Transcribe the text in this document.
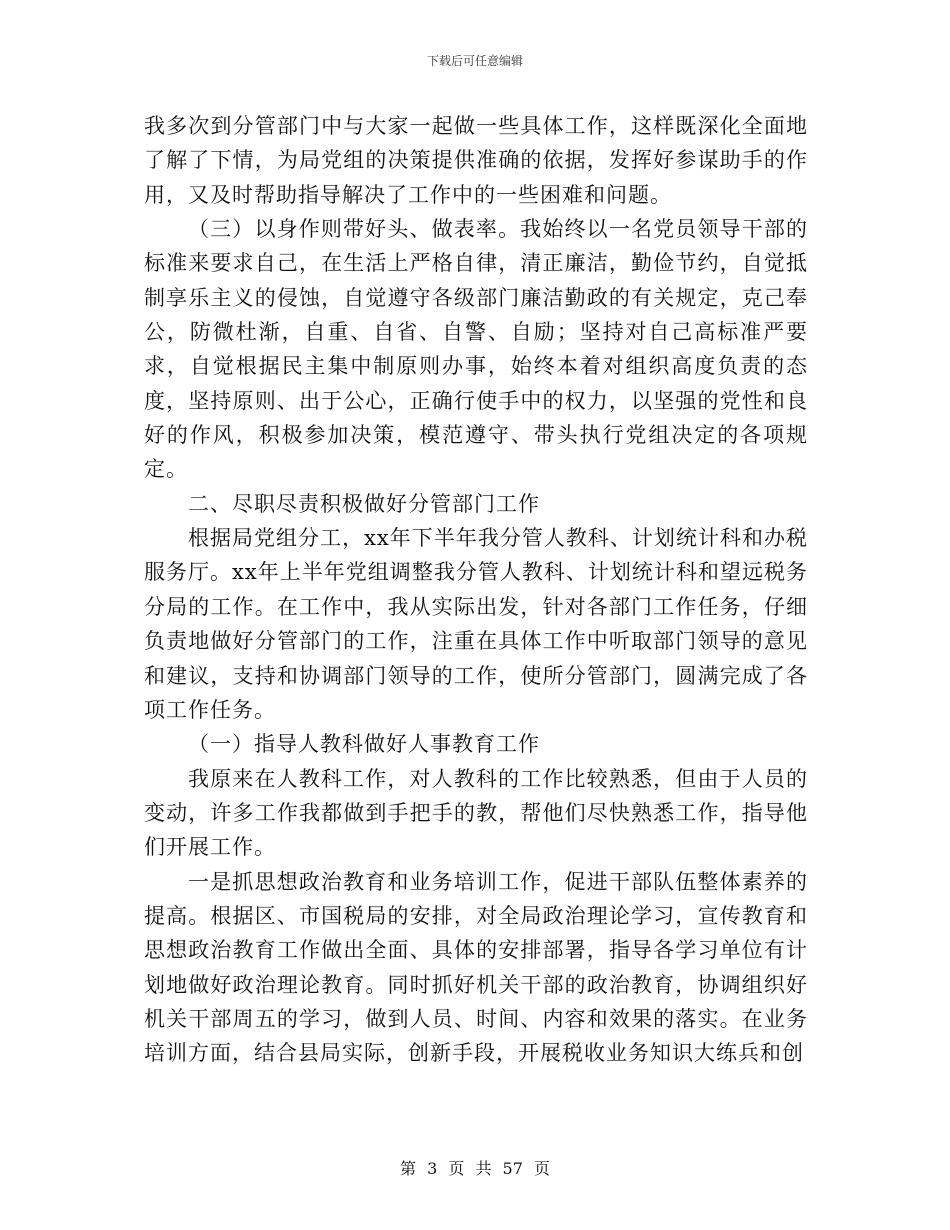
下载后可任意编辑

我多次到分管部门中与大家一起做一些具体工作，这样既深化全面地了解了下情，为局党组的决策提供准确的依据，发挥好参谋助手的作用，又及时帮助指导解决了工作中的一些困难和问题。

（三）以身作则带好头、做表率。我始终以一名党员领导干部的标准来要求自己，在生活上严格自律，清正廉洁，勤俭节约，自觉抵制享乐主义的侵蚀，自觉遵守各级部门廉洁勤政的有关规定，克己奉公，防微杜渐，自重、自省、自警、自励；坚持对自己高标准严要求，自觉根据民主集中制原则办事，始终本着对组织高度负责的态度，坚持原则、出于公心，正确行使手中的权力，以坚强的党性和良好的作风，积极参加决策，模范遵守、带头执行党组决定的各项规定。

二、尽职尽责积极做好分管部门工作

根据局党组分工，xx年下半年我分管人教科、计划统计科和办税服务厅。xx年上半年党组调整我分管人教科、计划统计科和望远税务分局的工作。在工作中，我从实际出发，针对各部门工作任务，仔细负责地做好分管部门的工作，注重在具体工作中听取部门领导的意见和建议，支持和协调部门领导的工作，使所分管部门，圆满完成了各项工作任务。

（一）指导人教科做好人事教育工作

我原来在人教科工作，对人教科的工作比较熟悉，但由于人员的变动，许多工作我都做到手把手的教，帮他们尽快熟悉工作，指导他们开展工作。

一是抓思想政治教育和业务培训工作，促进干部队伍整体素养的提高。根据区、市国税局的安排，对全局政治理论学习，宣传教育和思想政治教育工作做出全面、具体的安排部署，指导各学习单位有计划地做好政治理论教育。同时抓好机关干部的政治教育，协调组织好机关干部周五的学习，做到人员、时间、内容和效果的落实。在业务培训方面，结合县局实际，创新手段，开展税收业务知识大练兵和创

第 3 页 共 57 页
